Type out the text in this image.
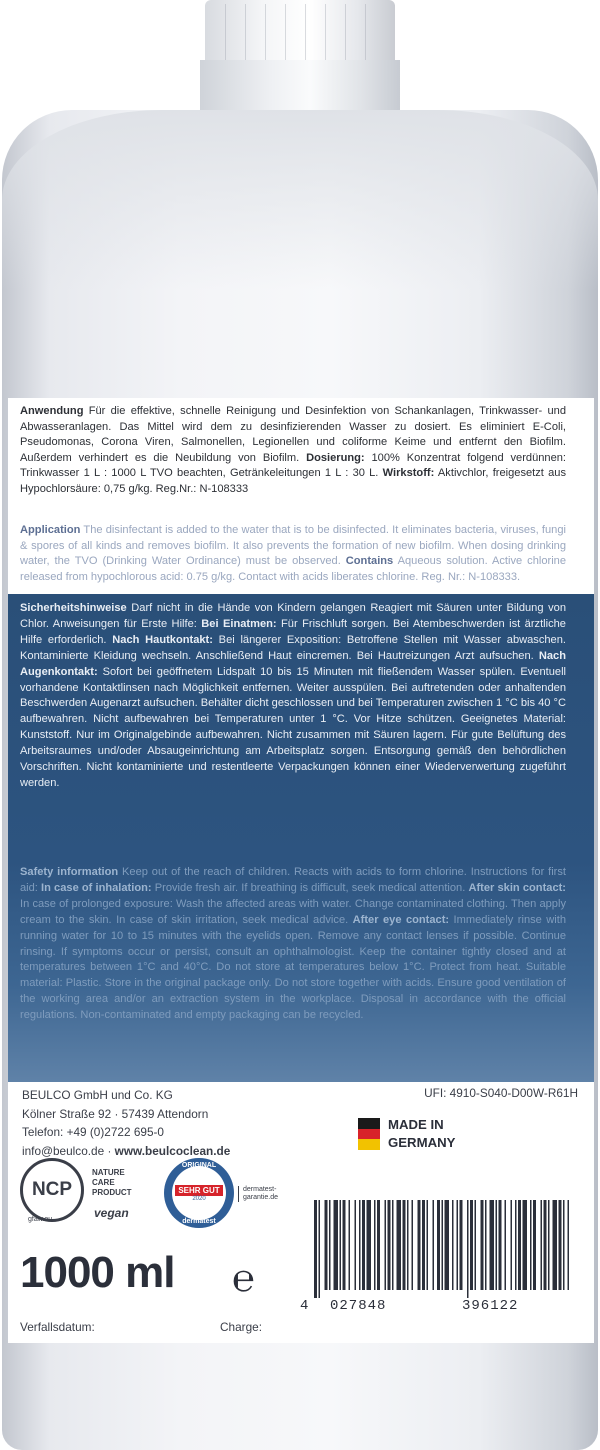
Anwendung Für die effektive, schnelle Reinigung und Desinfektion von Schankanlagen, Trinkwasser- und Abwasseranlagen. Das Mittel wird dem zu desinfizierenden Wasser zu dosiert. Es eliminiert E-Coli, Pseudomonas, Corona Viren, Salmonellen, Legionellen und coliforme Keime und entfernt den Biofilm. Außerdem verhindert es die Neubildung von Biofilm. Dosierung: 100% Konzentrat folgend verdünnen: Trinkwasser 1 L : 1000 L TVO beachten, Getränkeleitungen 1 L : 30 L. Wirkstoff: Aktivchlor, freigesetzt aus Hypochlorsäure: 0,75 g/kg. Reg.Nr.: N-108333
Application The disinfectant is added to the water that is to be disinfected. It eliminates bacteria, viruses, fungi & spores of all kinds and removes biofilm. It also prevents the formation of new biofilm. When dosing drinking water, the TVO (Drinking Water Ordinance) must be observed. Contains Aqueous solution. Active chlorine released from hypochlorous acid: 0.75 g/kg. Contact with acids liberates chlorine. Reg. Nr.: N-108333.
Sicherheitshinweise Darf nicht in die Hände von Kindern gelangen Reagiert mit Säuren unter Bildung von Chlor. Anweisungen für Erste Hilfe: Bei Einatmen: Für Frischluft sorgen. Bei Atembeschwerden ist ärztliche Hilfe erforderlich. Nach Hautkontakt: Bei längerer Exposition: Betroffene Stellen mit Wasser abwaschen. Kontaminierte Kleidung wechseln. Anschließend Haut eincremen. Bei Hautreizungen Arzt aufsuchen. Nach Augenkontakt: Sofort bei geöffnetem Lidspalt 10 bis 15 Minuten mit fließendem Wasser spülen. Eventuell vorhandene Kontaktlinsen nach Möglichkeit entfernen. Weiter ausspülen. Bei auftretenden oder anhaltenden Beschwerden Augenarzt aufsuchen. Behälter dicht geschlossen und bei Temperaturen zwischen 1 °C bis 40 °C aufbewahren. Nicht aufbewahren bei Temperaturen unter 1 °C. Vor Hitze schützen. Geeignetes Material: Kunststoff. Nur im Originalgebinde aufbewahren. Nicht zusammen mit Säuren lagern. Für gute Belüftung des Arbeitsraumes und/oder Absaugeinrichtung am Arbeitsplatz sorgen. Entsorgung gemäß den behördlichen Vorschriften. Nicht kontaminierte und restentleerte Verpackungen können einer Wiederverwertung zugeführt werden.
Safety information Keep out of the reach of children. Reacts with acids to form chlorine. Instructions for first aid: In case of inhalation: Provide fresh air. If breathing is difficult, seek medical attention. After skin contact: In case of prolonged exposure: Wash the affected areas with water. Change contaminated clothing. Then apply cream to the skin. In case of skin irritation, seek medical advice. After eye contact: Immediately rinse with running water for 10 to 15 minutes with the eyelids open. Remove any contact lenses if possible. Continue rinsing. If symptoms occur or persist, consult an ophthalmologist. Keep the container tightly closed and at temperatures between 1°C and 40°C. Do not store at temperatures below 1°C. Protect from heat. Suitable material: Plastic. Store in the original package only. Do not store together with acids. Ensure good ventilation of the working area and/or an extraction system in the workplace. Disposal in accordance with the official regulations. Non-contaminated and empty packaging can be recycled.
BEULCO GmbH und Co. KG
Kölner Straße 92 · 57439 Attendorn
Telefon: +49 (0)2722 695-0
info@beulco.de · www.beulcoclean.de
UFI: 4910-S040-D00W-R61H
MADE IN
GERMANY
NCP
NATURE
CARE
PRODUCT
gfaw.eu	vegan
ORIGINAL
SEHR GUT
2020
dermatest
dermatest-
garantie.de
1000 ml ℮
4 027848	396122
Verfallsdatum:	Charge:
